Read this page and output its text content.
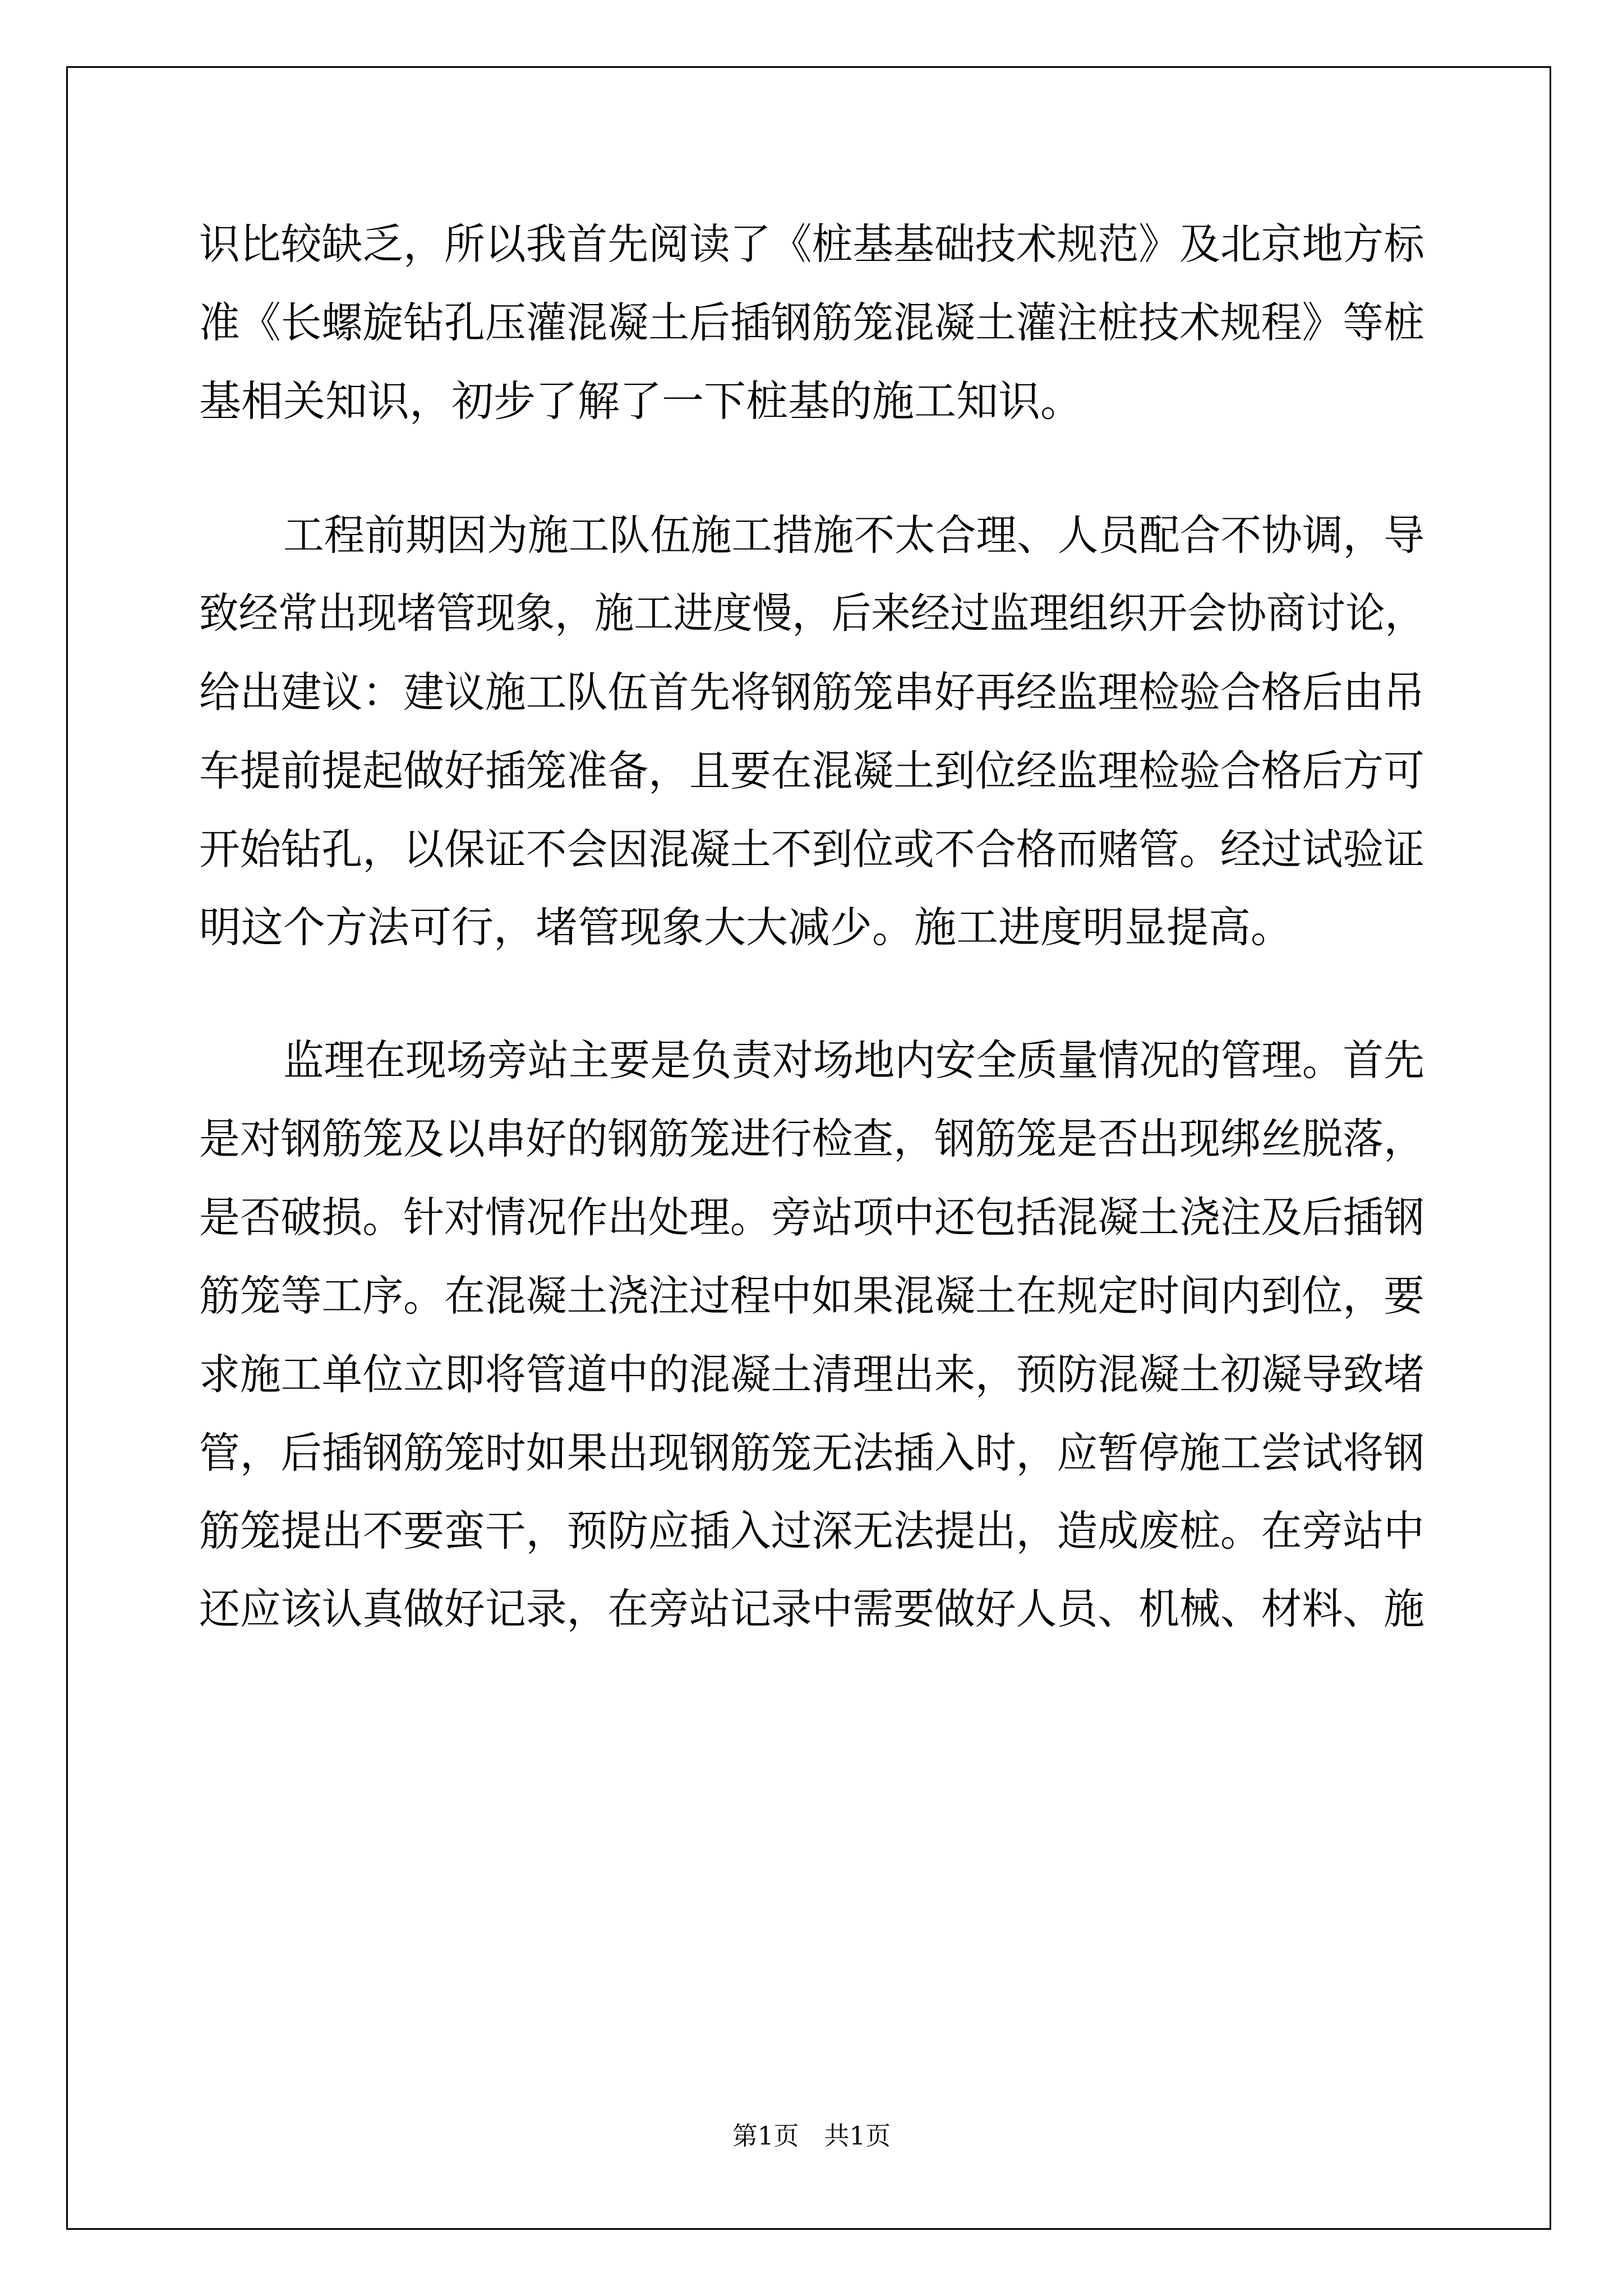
识比较缺乏，所以我首先阅读了《桩基基础技术规范》及北京地方标
准《长螺旋钻孔压灌混凝土后插钢筋笼混凝土灌注桩技术规程》等桩
基相关知识，初步了解了一下桩基的施工知识。
工程前期因为施工队伍施工措施不太合理、人员配合不协调，导
致经常出现堵管现象，施工进度慢，后来经过监理组织开会协商讨论，
给出建议：建议施工队伍首先将钢筋笼串好再经监理检验合格后由吊
车提前提起做好插笼准备，且要在混凝土到位经监理检验合格后方可
开始钻孔，以保证不会因混凝土不到位或不合格而赌管。经过试验证
明这个方法可行，堵管现象大大减少。施工进度明显提高。
监理在现场旁站主要是负责对场地内安全质量情况的管理。首先
是对钢筋笼及以串好的钢筋笼进行检查，钢筋笼是否出现绑丝脱落，
是否破损。针对情况作出处理。旁站项中还包括混凝土浇注及后插钢
筋笼等工序。在混凝土浇注过程中如果混凝土在规定时间内到位，要
求施工单位立即将管道中的混凝土清理出来，预防混凝土初凝导致堵
管，后插钢筋笼时如果出现钢筋笼无法插入时，应暂停施工尝试将钢
筋笼提出不要蛮干，预防应插入过深无法提出，造成废桩。在旁站中
还应该认真做好记录，在旁站记录中需要做好人员、机械、材料、施
第1页　共1页
